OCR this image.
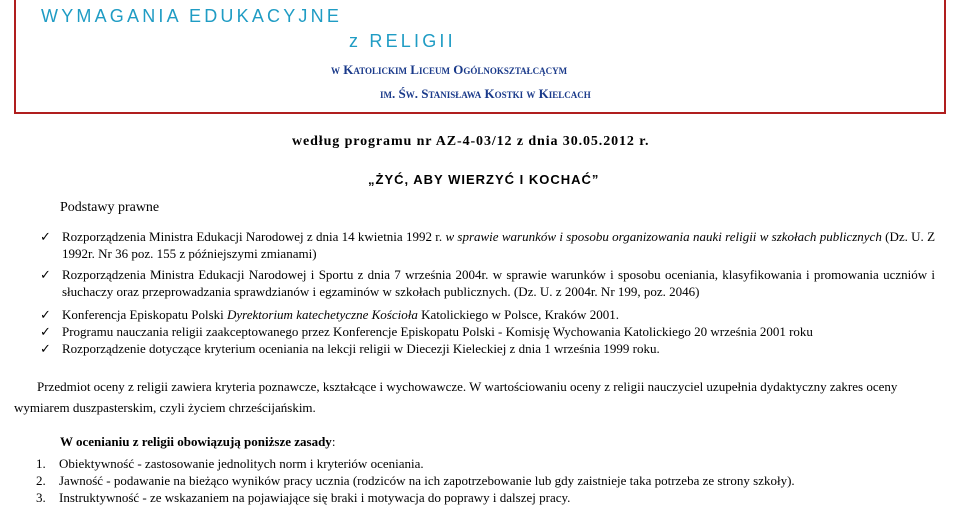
WYMAGANIA EDUKACYJNE
z RELIGII
w Katolickim Liceum Ogólnokształcącym
im. Św. Stanisława Kostki w Kielcach
według programu nr AZ-4-03/12 z dnia 30.05.2012 r.
„ŻYĆ, ABY WIERZYĆ I KOCHAĆ”
Podstawy prawne
✓ Rozporządzenia Ministra Edukacji Narodowej z dnia 14 kwietnia 1992 r. w sprawie warunków i sposobu organizowania nauki religii w szkołach publicznych (Dz. U. Z 1992r. Nr 36 poz. 155 z późniejszymi zmianami)
✓ Rozporządzenia Ministra Edukacji Narodowej i Sportu z dnia 7 września 2004r. w sprawie warunków i sposobu oceniania, klasyfikowania i promowania uczniów i słuchaczy oraz przeprowadzania sprawdzianów i egzaminów w szkołach publicznych. (Dz. U. z 2004r. Nr 199, poz. 2046)
✓ Konferencja Episkopatu Polski Dyrektorium katechetyczne Kościoła Katolickiego w Polsce, Kraków 2001.
✓ Programu nauczania religii zaakceptowanego przez Konferencje Episkopatu Polski - Komisję Wychowania Katolickiego 20 września 2001 roku
✓ Rozporządzenie dotyczące kryterium oceniania na lekcji religii w Diecezji Kieleckiej z dnia 1 września 1999 roku.
Przedmiot oceny z religii zawiera kryteria poznawcze, kształcące i wychowawcze. W wartościowaniu oceny z religii nauczyciel uzupełnia dydaktyczny zakres oceny wymiarem duszpasterskim, czyli życiem chrześcijańskim.
W ocenianiu z religii obowiązują poniższe zasady:
1. Obiektywność - zastosowanie jednolitych norm i kryteriów oceniania.
2. Jawność - podawanie na bieżąco wyników pracy ucznia (rodziców na ich zapotrzebowanie lub gdy zaistnieje taka potrzeba ze strony szkoły).
3. Instruktywność - ze wskazaniem na pojawiające się braki i motywacja do poprawy i dalszej pracy.
